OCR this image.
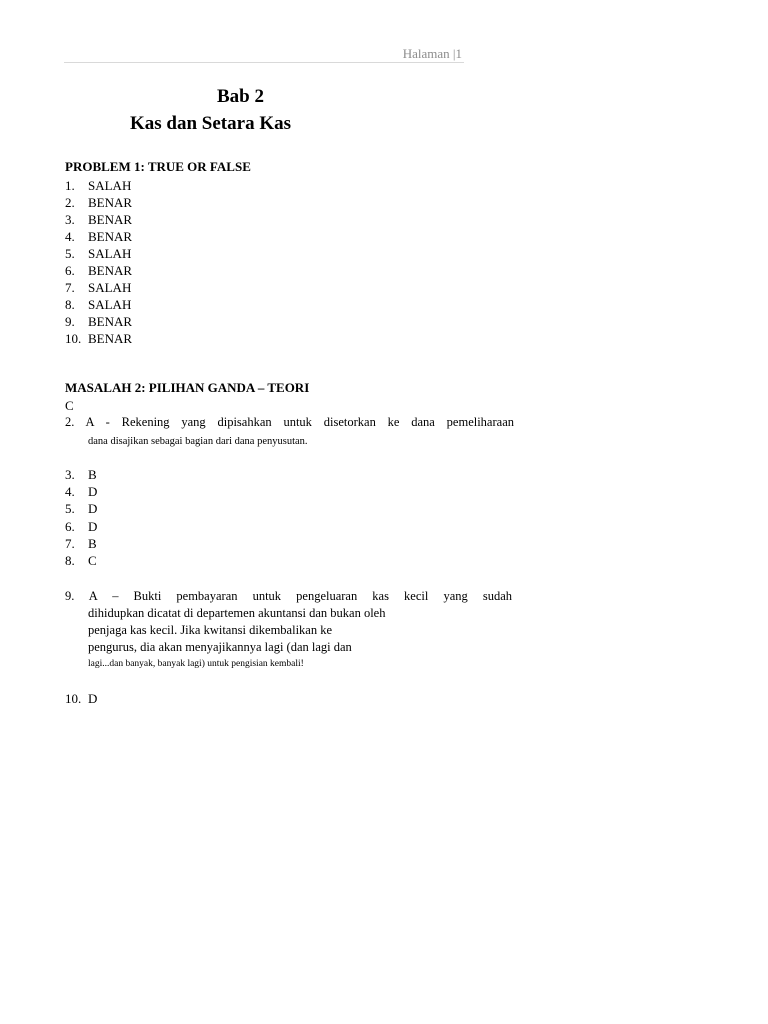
Halaman |1
Bab 2
Kas dan Setara Kas
PROBLEM 1: TRUE OR FALSE
1. SALAH
2. BENAR
3. BENAR
4. BENAR
5. SALAH
6. BENAR
7. SALAH
8. SALAH
9. BENAR
10. BENAR
MASALAH 2: PILIHAN GANDA – TEORI
C
2. A - Rekening yang dipisahkan untuk disetorkan ke dana pemeliharaan
dana disajikan sebagai bagian dari dana penyusutan.
3. B
4. D
5. D
6. D
7. B
8. C
9. A – Bukti pembayaran untuk pengeluaran kas kecil yang sudah
dihidupkan dicatat di departemen akuntansi dan bukan oleh
penjaga kas kecil. Jika kwitansi dikembalikan ke
pengurus, dia akan menyajikannya lagi (dan lagi dan
lagi...dan banyak, banyak lagi) untuk pengisian kembali!
10. D
